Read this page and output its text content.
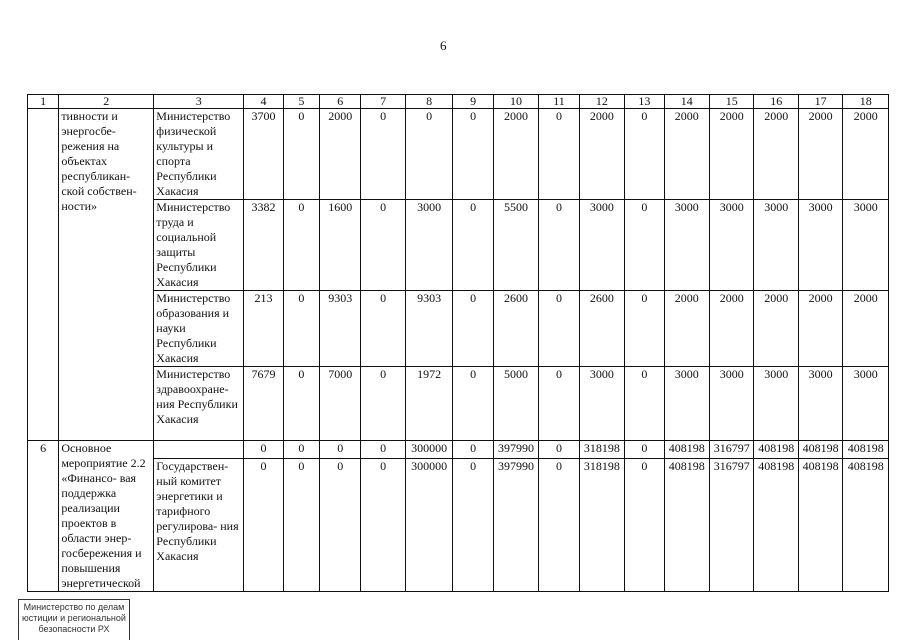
6
1	2	3	4	5	6	7	8	9	10	11	12	13	14	15	16	17	18
	тивности и энергосбе- режения на объектах республикан- ской собствен- ности»	Министерство физической культуры и спорта Республики Хакасия	3700	0	2000	0	0	0	2000	0	2000	0	2000	2000	2000	2000	2000
		Министерство труда и социальной защиты Республики Хакасия	3382	0	1600	0	3000	0	5500	0	3000	0	3000	3000	3000	3000	3000
		Министерство образования и науки Республики Хакасия	213	0	9303	0	9303	0	2600	0	2600	0	2000	2000	2000	2000	2000
		Министерство здравоохране- ния Республики Хакасия	7679	0	7000	0	1972	0	5000	0	3000	0	3000	3000	3000	3000	3000
6	Основное мероприятие 2.2 «Финансо- вая поддержка реализации проектов в области энер- госбережения и повышения энергетической		0	0	0	0	300000	0	397990	0	318198	0	408198	316797	408198	408198	408198
		Государствен- ный комитет энергетики и тарифного регулирова- ния Республики Хакасия	0	0	0	0	300000	0	397990	0	318198	0	408198	316797	408198	408198	408198
Министерство по делам
юстиции и региональной
безопасности РХ
